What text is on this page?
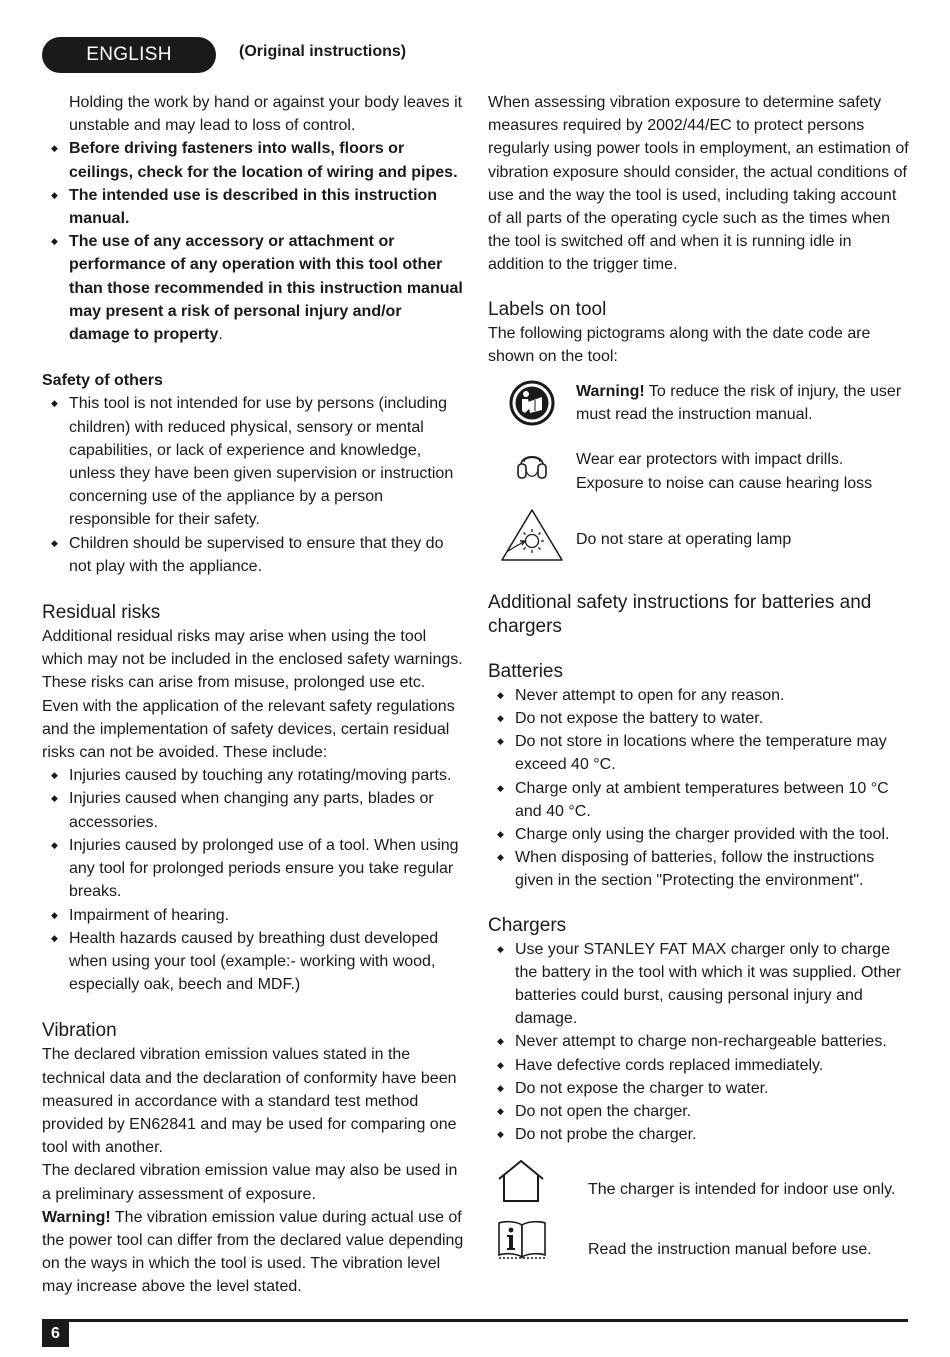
ENGLISH	(Original instructions)

Holding the work by hand or against your body leaves it unstable and may lead to loss of control.

◆ Before driving fasteners into walls, floors or ceilings, check for the location of wiring and pipes.

◆ The intended use is described in this instruction manual.

◆ The use of any accessory or attachment or performance of any operation with this tool other than those recommended in this instruction manual may present a risk of personal injury and/or damage to property.

Safety of others

◆ This tool is not intended for use by persons (including children) with reduced physical, sensory or mental capabilities, or lack of experience and knowledge, unless they have been given supervision or instruction concerning use of the appliance by a person responsible for their safety.

◆ Children should be supervised to ensure that they do not play with the appliance.

Residual risks

Additional residual risks may arise when using the tool which may not be included in the enclosed safety warnings. These risks can arise from misuse, prolonged use etc.

Even with the application of the relevant safety regulations and the implementation of safety devices, certain residual risks can not be avoided. These include:

◆ Injuries caused by touching any rotating/moving parts.

◆ Injuries caused when changing any parts, blades or accessories.

◆ Injuries caused by prolonged use of a tool. When using any tool for prolonged periods ensure you take regular breaks.

◆ Impairment of hearing.

◆ Health hazards caused by breathing dust developed when using your tool (example:- working with wood, especially oak, beech and MDF.)

Vibration

The declared vibration emission values stated in the technical data and the declaration of conformity have been measured in accordance with a standard test method provided by EN62841 and may be used for comparing one tool with another.

The declared vibration emission value may also be used in a preliminary assessment of exposure.

Warning! The vibration emission value during actual use of the power tool can differ from the declared value depending on the ways in which the tool is used. The vibration level may increase above the level stated.

When assessing vibration exposure to determine safety measures required by 2002/44/EC to protect persons regularly using power tools in employment, an estimation of vibration exposure should consider, the actual conditions of use and the way the tool is used, including taking account of all parts of the operating cycle such as the times when the tool is switched off and when it is running idle in addition to the trigger time.

Labels on tool

The following pictograms along with the date code are shown on the tool:

Warning! To reduce the risk of injury, the user must read the instruction manual.

Wear ear protectors with impact drills. Exposure to noise can cause hearing loss

Do not stare at operating lamp

Additional safety instructions for batteries and chargers
Batteries

◆ Never attempt to open for any reason.

◆ Do not expose the battery to water.

◆ Do not store in locations where the temperature may exceed 40 °C.

◆ Charge only at ambient temperatures between 10 °C and 40 °C.

◆ Charge only using the charger provided with the tool.

◆ When disposing of batteries, follow the instructions given in the section "Protecting the environment".

Chargers

◆ Use your STANLEY FAT MAX charger only to charge the battery in the tool with which it was supplied. Other batteries could burst, causing personal injury and damage.

◆ Never attempt to charge non-rechargeable batteries.

◆ Have defective cords replaced immediately.

◆ Do not expose the charger to water.

◆ Do not open the charger.

◆ Do not probe the charger.

The charger is intended for indoor use only.

Read the instruction manual before use.

6
